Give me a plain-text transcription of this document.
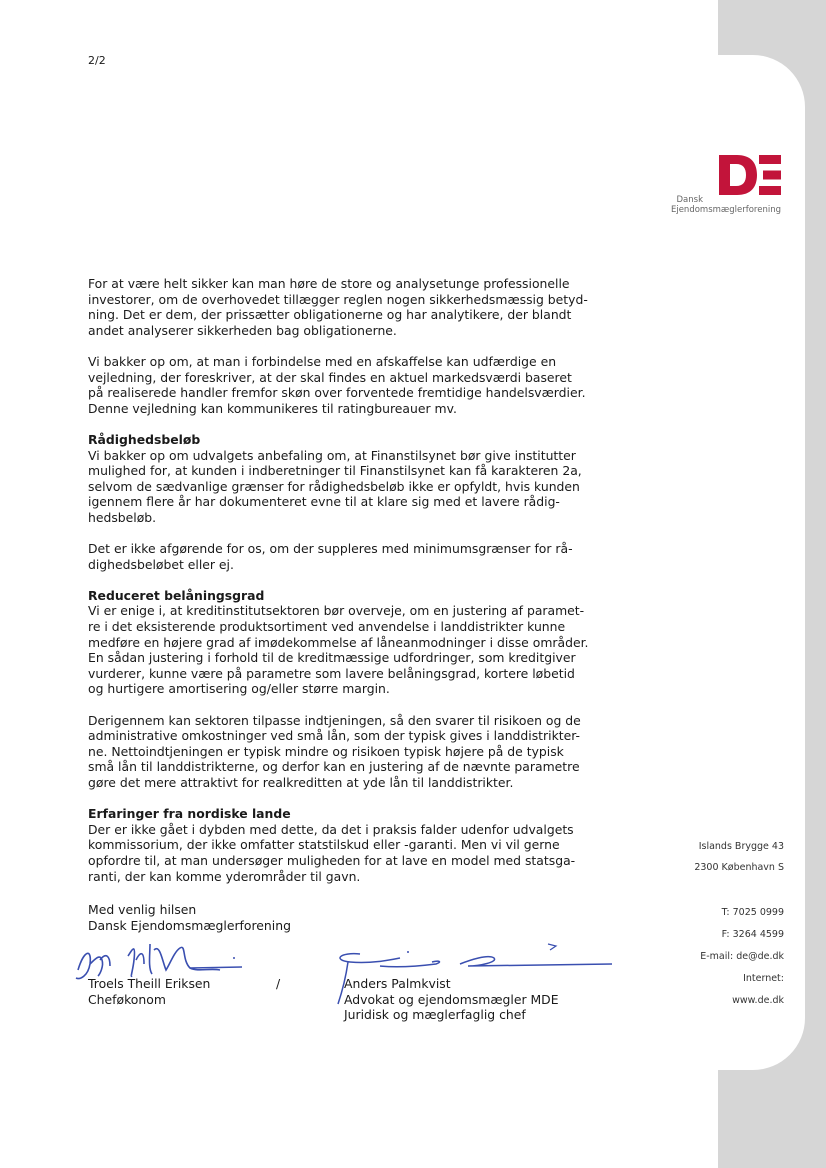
2/2
Dansk
Ejendomsmæglerforening

For at være helt sikker kan man høre de store og analysetunge professionelle
investorer, om de overhovedet tillægger reglen nogen sikkerhedsmæssig betyd-
ning. Det er dem, der prissætter obligationerne og har analytikere, der blandt
andet analyserer sikkerheden bag obligationerne.

Vi bakker op om, at man i forbindelse med en afskaffelse kan udfærdige en
vejledning, der foreskriver, at der skal findes en aktuel markedsværdi baseret
på realiserede handler fremfor skøn over forventede fremtidige handelsværdier.
Denne vejledning kan kommunikeres til ratingbureauer mv.

Rådighedsbeløb

Vi bakker op om udvalgets anbefaling om, at Finanstilsynet bør give institutter
mulighed for, at kunden i indberetninger til Finanstilsynet kan få karakteren 2a,
selvom de sædvanlige grænser for rådighedsbeløb ikke er opfyldt, hvis kunden
igennem flere år har dokumenteret evne til at klare sig med et lavere rådig-
hedsbeløb.

Det er ikke afgørende for os, om der suppleres med minimumsgrænser for rå-
dighedsbeløbet eller ej.

Reduceret belåningsgrad

Vi er enige i, at kreditinstitutsektoren bør overveje, om en justering af paramet-
re i det eksisterende produktsortiment ved anvendelse i landdistrikter kunne
medføre en højere grad af imødekommelse af låneanmodninger i disse områder.
En sådan justering i forhold til de kreditmæssige udfordringer, som kreditgiver
vurderer, kunne være på parametre som lavere belåningsgrad, kortere løbetid
og hurtigere amortisering og/eller større margin.

Derigennem kan sektoren tilpasse indtjeningen, så den svarer til risikoen og de
administrative omkostninger ved små lån, som der typisk gives i landdistrikter-
ne. Nettoindtjeningen er typisk mindre og risikoen typisk højere på de typisk
små lån til landdistrikterne, og derfor kan en justering af de nævnte parametre
gøre det mere attraktivt for realkreditten at yde lån til landdistrikter.

Erfaringer fra nordiske lande

Der er ikke gået i dybden med dette, da det i praksis falder udenfor udvalgets
kommissorium, der ikke omfatter statstilskud eller -garanti. Men vi vil gerne
opfordre til, at man undersøger muligheden for at lave en model med statsga-
ranti, der kan komme yderområder til gavn.

Med venlig hilsen
Dansk Ejendomsmæglerforening
Troels Theill Eriksen
Cheføkonom
/	Anders Palmkvist
Advokat og ejendomsmægler MDE
Juridisk og mæglerfaglig chef
Islands Brygge 43
2300 København S
T: 7025 0999
F: 3264 4599
E-mail: de@de.dk
Internet:
www.de.dk
